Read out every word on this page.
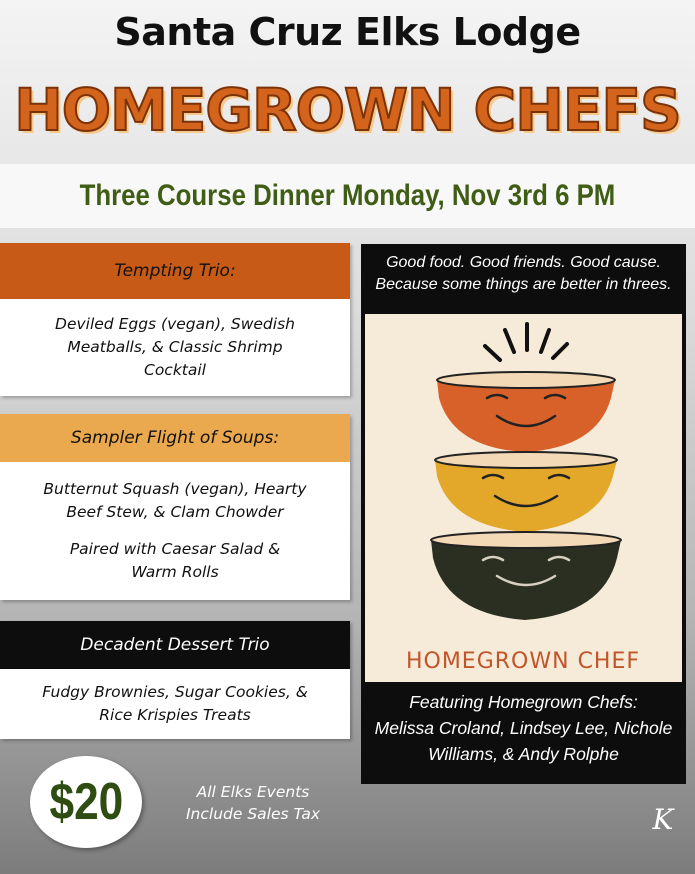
Santa Cruz Elks Lodge
HOMEGROWN CHEFS
Three Course Dinner Monday, Nov 3rd 6 PM
Tempting Trio:
Deviled Eggs (vegan), Swedish
Meatballs, & Classic Shrimp
Cocktail
Sampler Flight of Soups:
Butternut Squash (vegan), Hearty
Beef Stew, & Clam Chowder
Paired with Caesar Salad &
Warm Rolls
Decadent Dessert Trio
Fudgy Brownies, Sugar Cookies, &
Rice Krispies Treats
$20	All Elks Events
Include Sales Tax
Good food. Good friends. Good cause.
Because some things are better in threes.
HOMEGROWN CHEF
Featuring Homegrown Chefs:
Melissa Croland, Lindsey Lee, Nichole
Williams, & Andy Rolphe
K
